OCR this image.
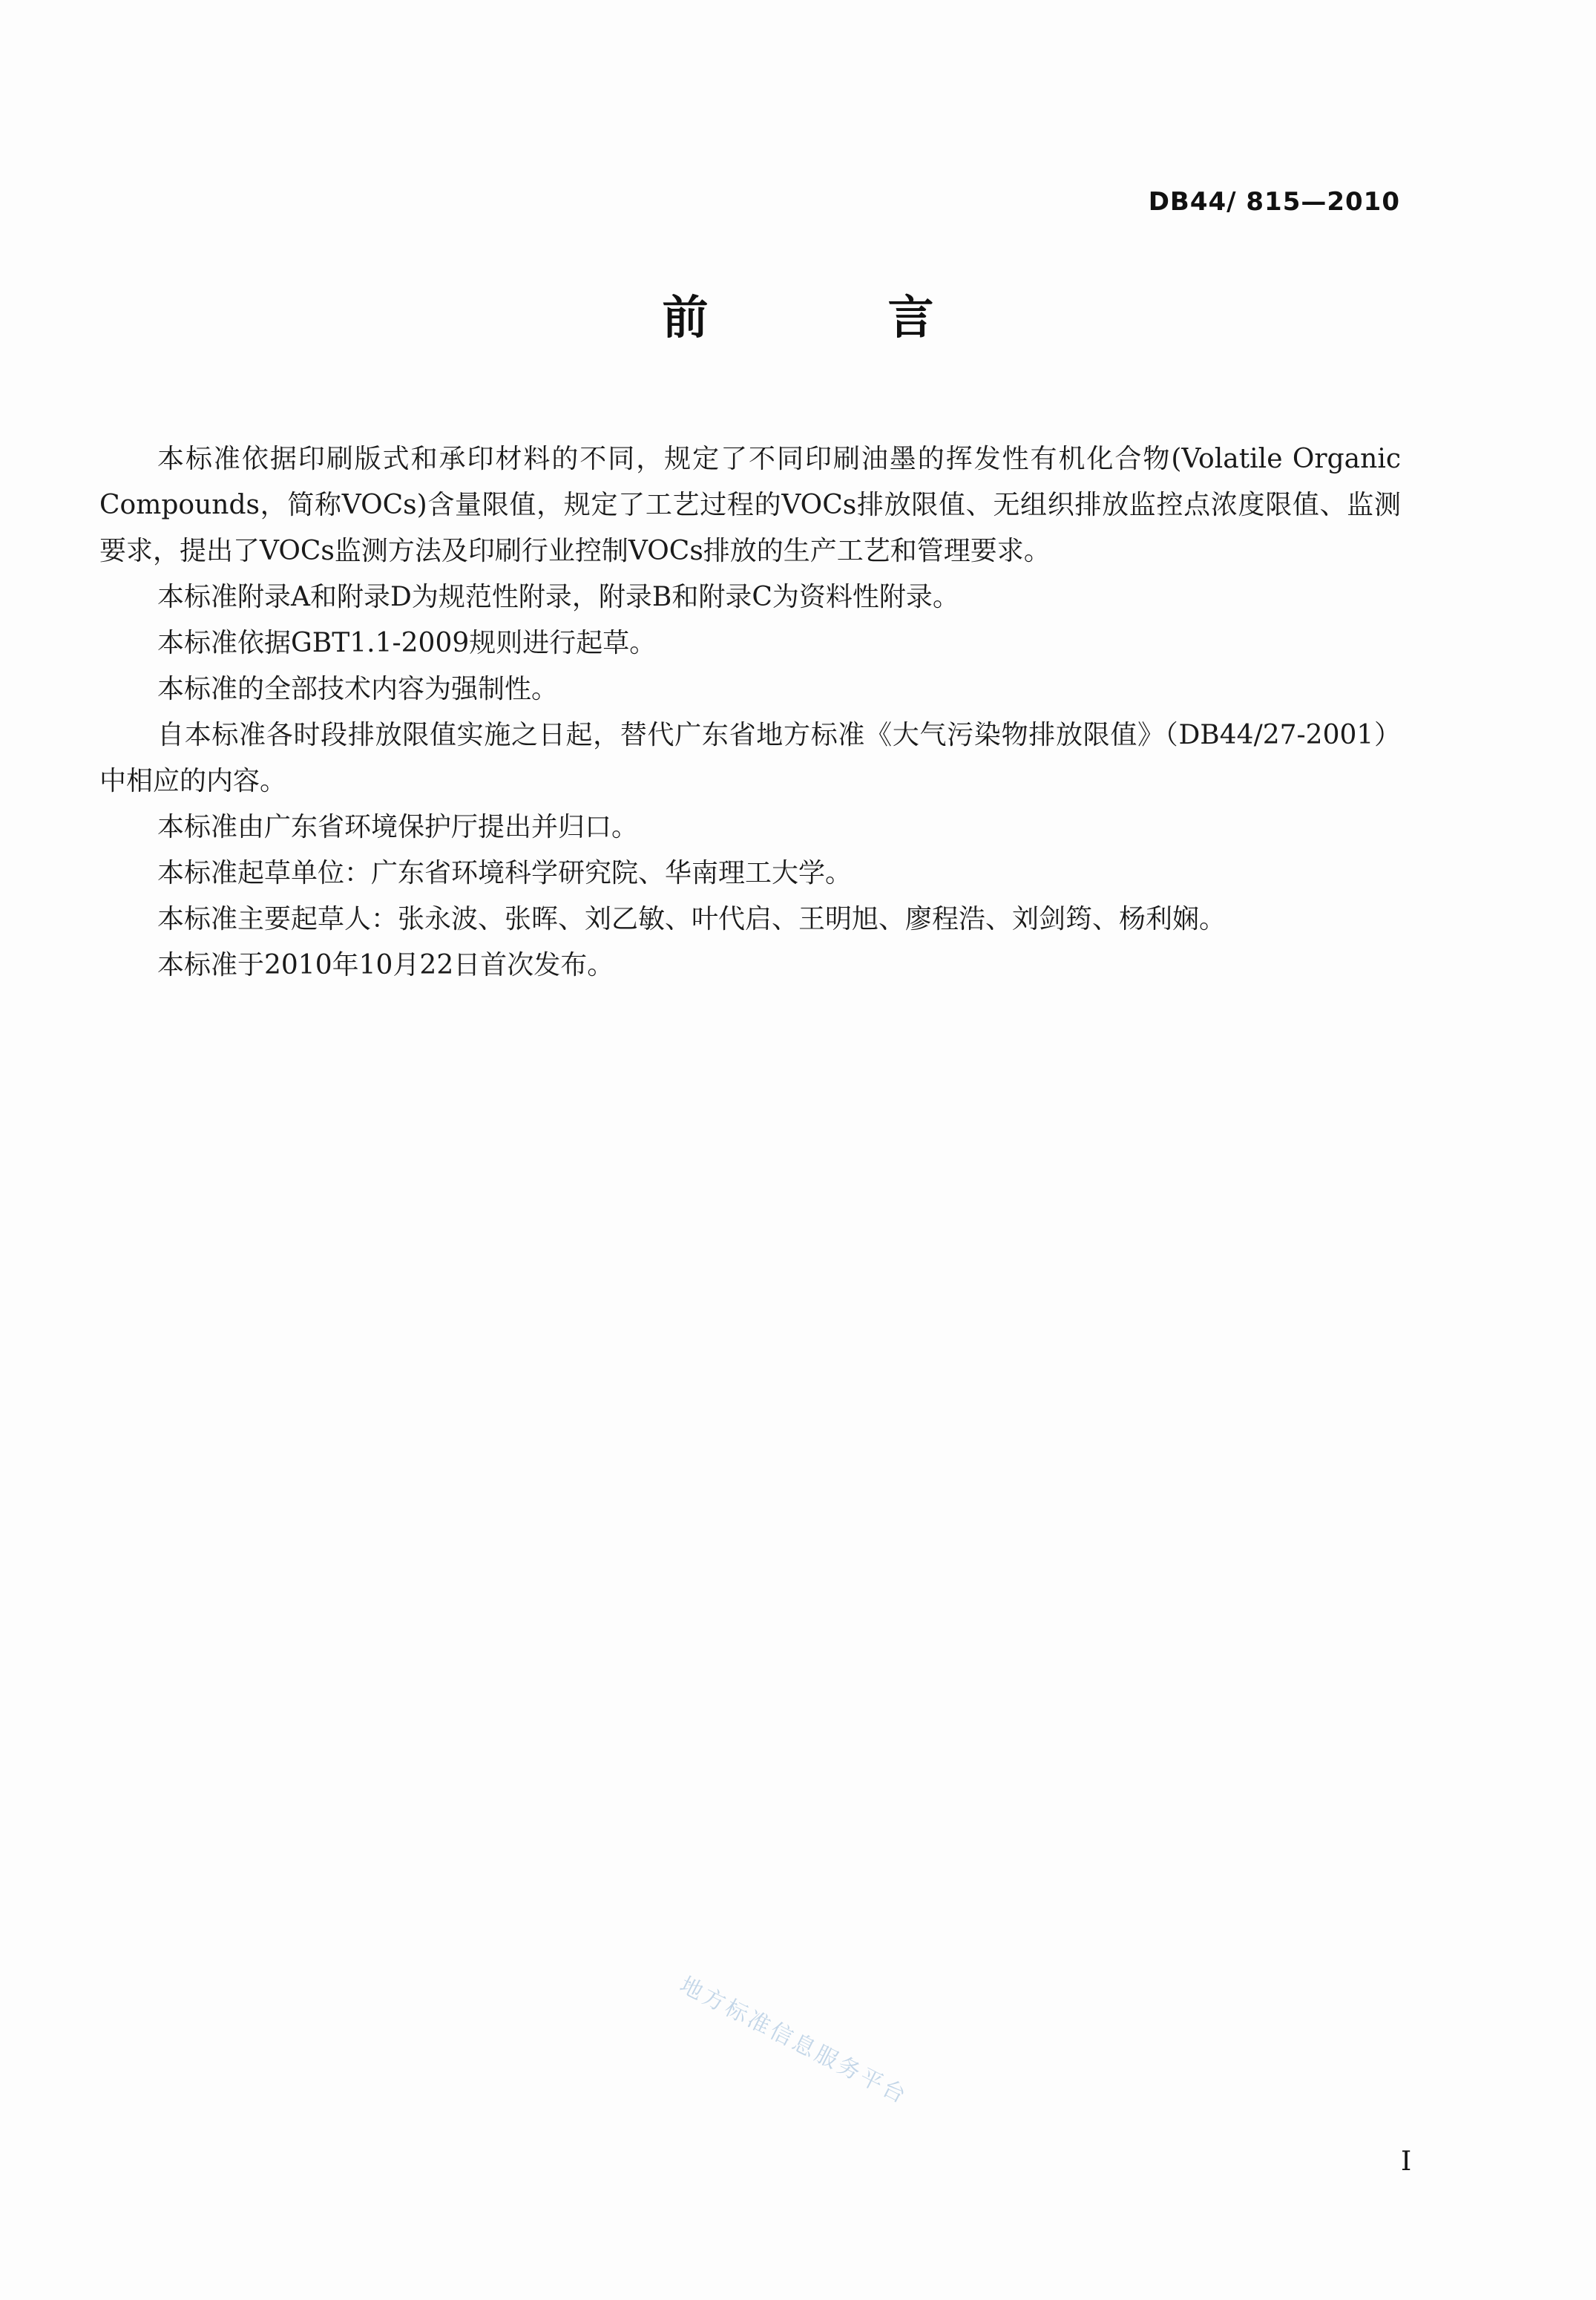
DB44/ 815—2010
前　言

本标准依据印刷版式和承印材料的不同，规定了不同印刷油墨的挥发性有机化合物(Volatile Organic Compounds，简称VOCs)含量限值，规定了工艺过程的VOCs排放限值、无组织排放监控点浓度限值、监测要求，提出了VOCs监测方法及印刷行业控制VOCs排放的生产工艺和管理要求。

本标准附录A和附录D为规范性附录，附录B和附录C为资料性附录。

本标准依据GBT1.1-2009规则进行起草。

本标准的全部技术内容为强制性。

自本标准各时段排放限值实施之日起，替代广东省地方标准《大气污染物排放限值》（DB44/27-2001）中相应的内容。

本标准由广东省环境保护厅提出并归口。

本标准起草单位：广东省环境科学研究院、华南理工大学。

本标准主要起草人：张永波、张晖、刘乙敏、叶代启、王明旭、廖程浩、刘剑筠、杨利娴。

本标准于2010年10月22日首次发布。

地方标准信息服务平台
I
